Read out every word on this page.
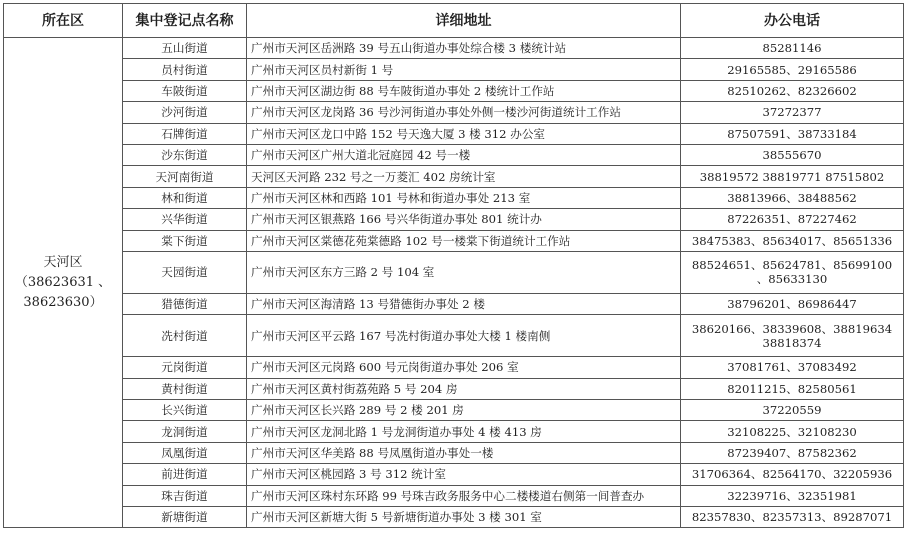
所在区	集中登记点名称	详细地址	办公电话

天河区
（38623631 、
38623630）	五山街道	广州市天河区岳洲路 39 号五山街道办事处综合楼 3 楼统计站	85281146
	员村街道	广州市天河区员村新街 1 号	29165585、29165586
	车陂街道	广州市天河区湖边街 88 号车陂街道办事处 2 楼统计工作站	82510262、82326602
	沙河街道	广州市天河区龙岗路 36 号沙河街道办事处外侧一楼沙河街道统计工作站	37272377
	石牌街道	广州市天河区龙口中路 152 号天逸大厦 3 楼 312 办公室	87507591、38733184
	沙东街道	广州市天河区广州大道北冠庭园 42 号一楼	38555670
	天河南街道	天河区天河路 232 号之一万菱汇 402 房统计室	38819572 38819771 87515802
	林和街道	广州市天河区林和西路 101 号林和街道办事处 213 室	38813966、38488562
	兴华街道	广州市天河区银燕路 166 号兴华街道办事处 801 统计办	87226351、87227462
	棠下街道	广州市天河区棠德花苑棠德路 102 号一楼棠下街道统计工作站	38475383、85634017、85651336
	天园街道	广州市天河区东方三路 2 号 104 室	88524651、85624781、85699100 、85633130
	猎德街道	广州市天河区海清路 13 号猎德街办事处 2 楼	38796201、86986447
	冼村街道	广州市天河区平云路 167 号冼村街道办事处大楼 1 楼南侧	38620166、38339608、38819634 38818374
	元岗街道	广州市天河区元岗路 600 号元岗街道办事处 206 室	37081761、37083492
	黄村街道	广州市天河区黄村街荔苑路 5 号 204 房	82011215、82580561
	长兴街道	广州市天河区长兴路 289 号 2 楼 201 房	37220559
	龙洞街道	广州市天河区龙洞北路 1 号龙洞街道办事处 4 楼 413 房	32108225、32108230
	凤凰街道	广州市天河区华美路 88 号凤凰街道办事处一楼	87239407、87582362
	前进街道	广州市天河区桃园路 3 号 312 统计室	31706364、82564170、32205936
	珠吉街道	广州市天河区珠村东环路 99 号珠吉政务服务中心二楼楼道右侧第一间普查办	32239716、32351981
	新塘街道	广州市天河区新塘大街 5 号新塘街道办事处 3 楼 301 室	82357830、82357313、89287071
